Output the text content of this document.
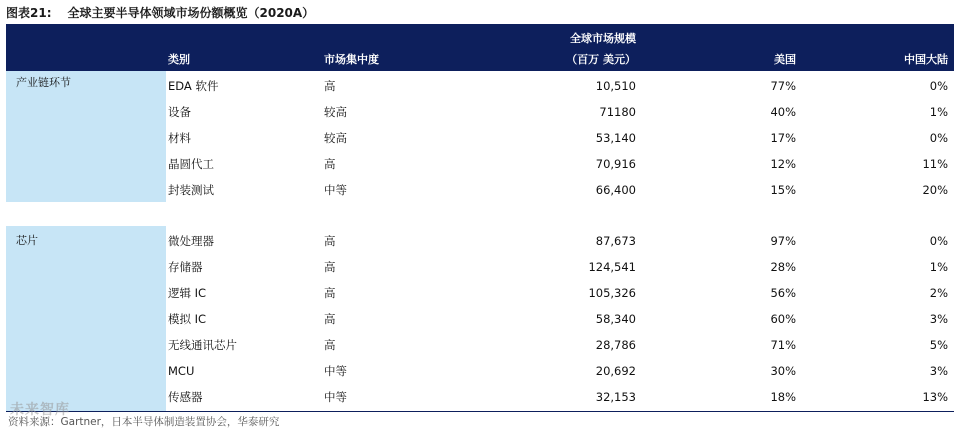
图表21: 全球主要半导体领域市场份额概览（2020A）
类别	市场集中度
全球市场规模
（百万 美元）	美国	中国大陆
产业链环节	EDA 软件	高	10,510	77%	0%
设备	较高	71180	40%	1%
材料	较高	53,140	17%	0%
晶圆代工	高	70,916	12%	11%
封装测试	中等	66,400	15%	20%
芯片	微处理器	高	87,673	97%	0%
存储器	高	124,541	28%	1%
逻辑 IC	高	105,326	56%	2%
模拟 IC	高	58,340	60%	3%
无线通讯芯片	高	28,786	71%	5%
MCU	中等	20,692	30%	3%
传感器	中等	32,153	18%	13%
未来智库
资料来源：Gartner，日本半导体制造装置协会，华泰研究
